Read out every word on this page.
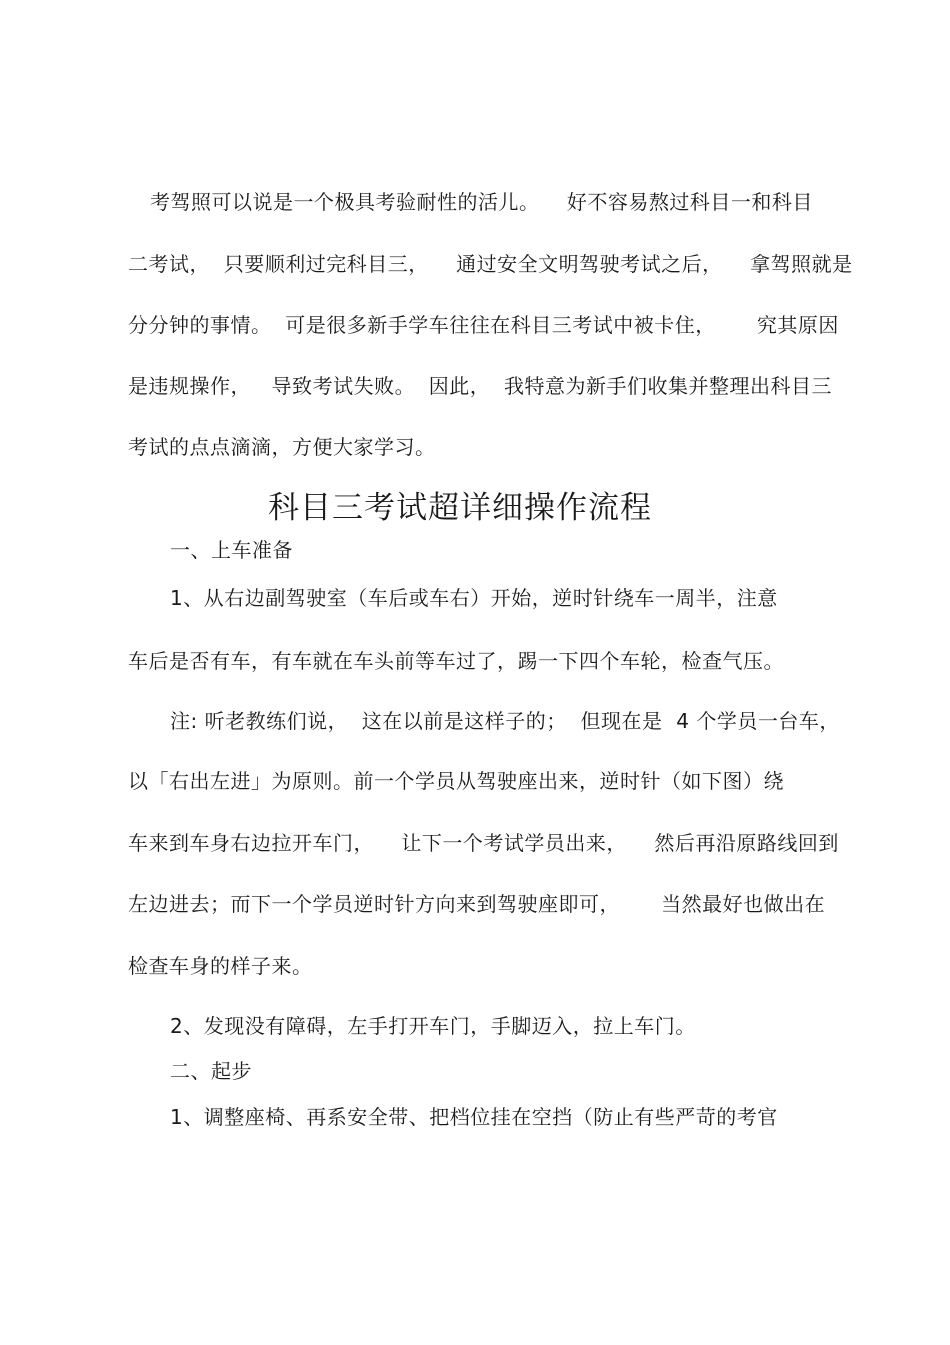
考驾照可以说是一个极具考验耐性的活儿。    好不容易熬过科目一和科目

二考试，  只要顺利过完科目三，    通过安全文明驾驶考试之后，    拿驾照就是

分分钟的事情。  可是很多新手学车往往在科目三考试中被卡住，      究其原因

是违规操作，   导致考试失败。  因此，  我特意为新手们收集并整理出科目三

考试的点点滴滴，方便大家学习。

科目三考试超详细操作流程

一、上车准备

1、从右边副驾驶室（车后或车右）开始，逆时针绕车一周半，注意

车后是否有车，有车就在车头前等车过了，踢一下四个车轮，检查气压。

注: 听老教练们说，  这在以前是这样子的；  但现在是  4 个学员一台车，

以「右出左进」为原则。前一个学员从驾驶座出来，逆时针（如下图）绕

车来到车身右边拉开车门，    让下一个考试学员出来，    然后再沿原路线回到

左边进去；而下一个学员逆时针方向来到驾驶座即可，      当然最好也做出在

检查车身的样子来。

2、发现没有障碍，左手打开车门，手脚迈入，拉上车门。

二、起步

1、调整座椅、再系安全带、把档位挂在空挡（防止有些严苛的考官
